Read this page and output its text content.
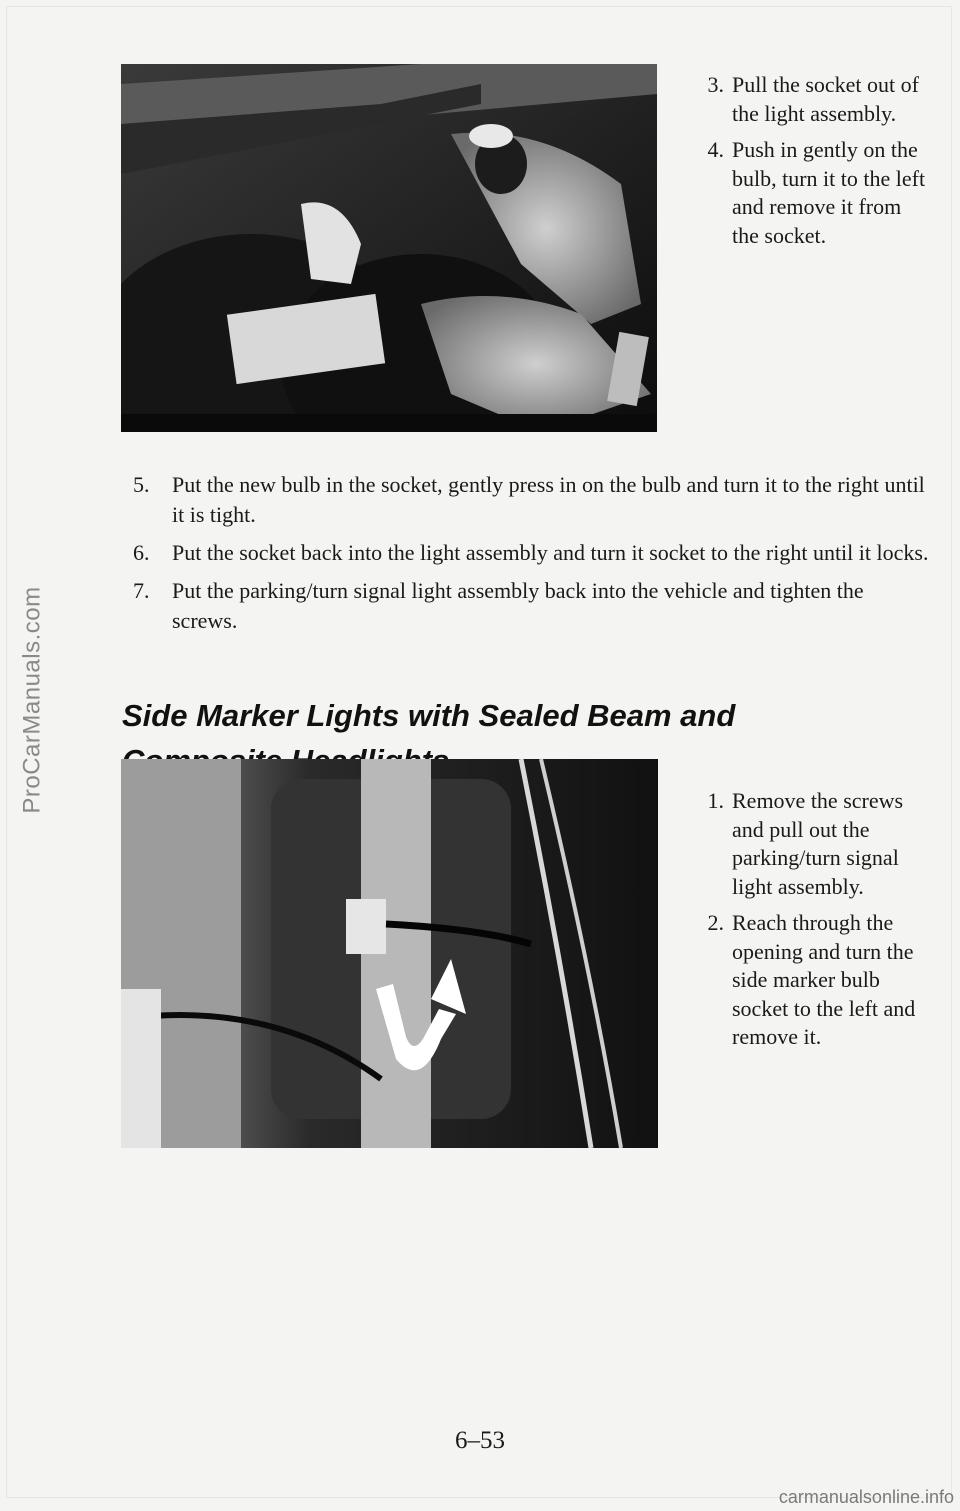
ProCarManuals.com
3. Pull the socket out of the light assembly.
4. Push in gently on the bulb, turn it to the left and remove it from the socket.
5. Put the new bulb in the socket, gently press in on the bulb and turn it to the right until it is tight.
6. Put the socket back into the light assembly and turn it socket to the right until it locks.
7. Put the parking/turn signal light assembly back into the vehicle and tighten the screws.
Side Marker Lights with Sealed Beam and
1. Remove the screws and pull out the parking/turn signal light assembly.
2. Reach through the opening and turn the side marker bulb socket to the left and remove it.
6–53
carmanualsonline.info
